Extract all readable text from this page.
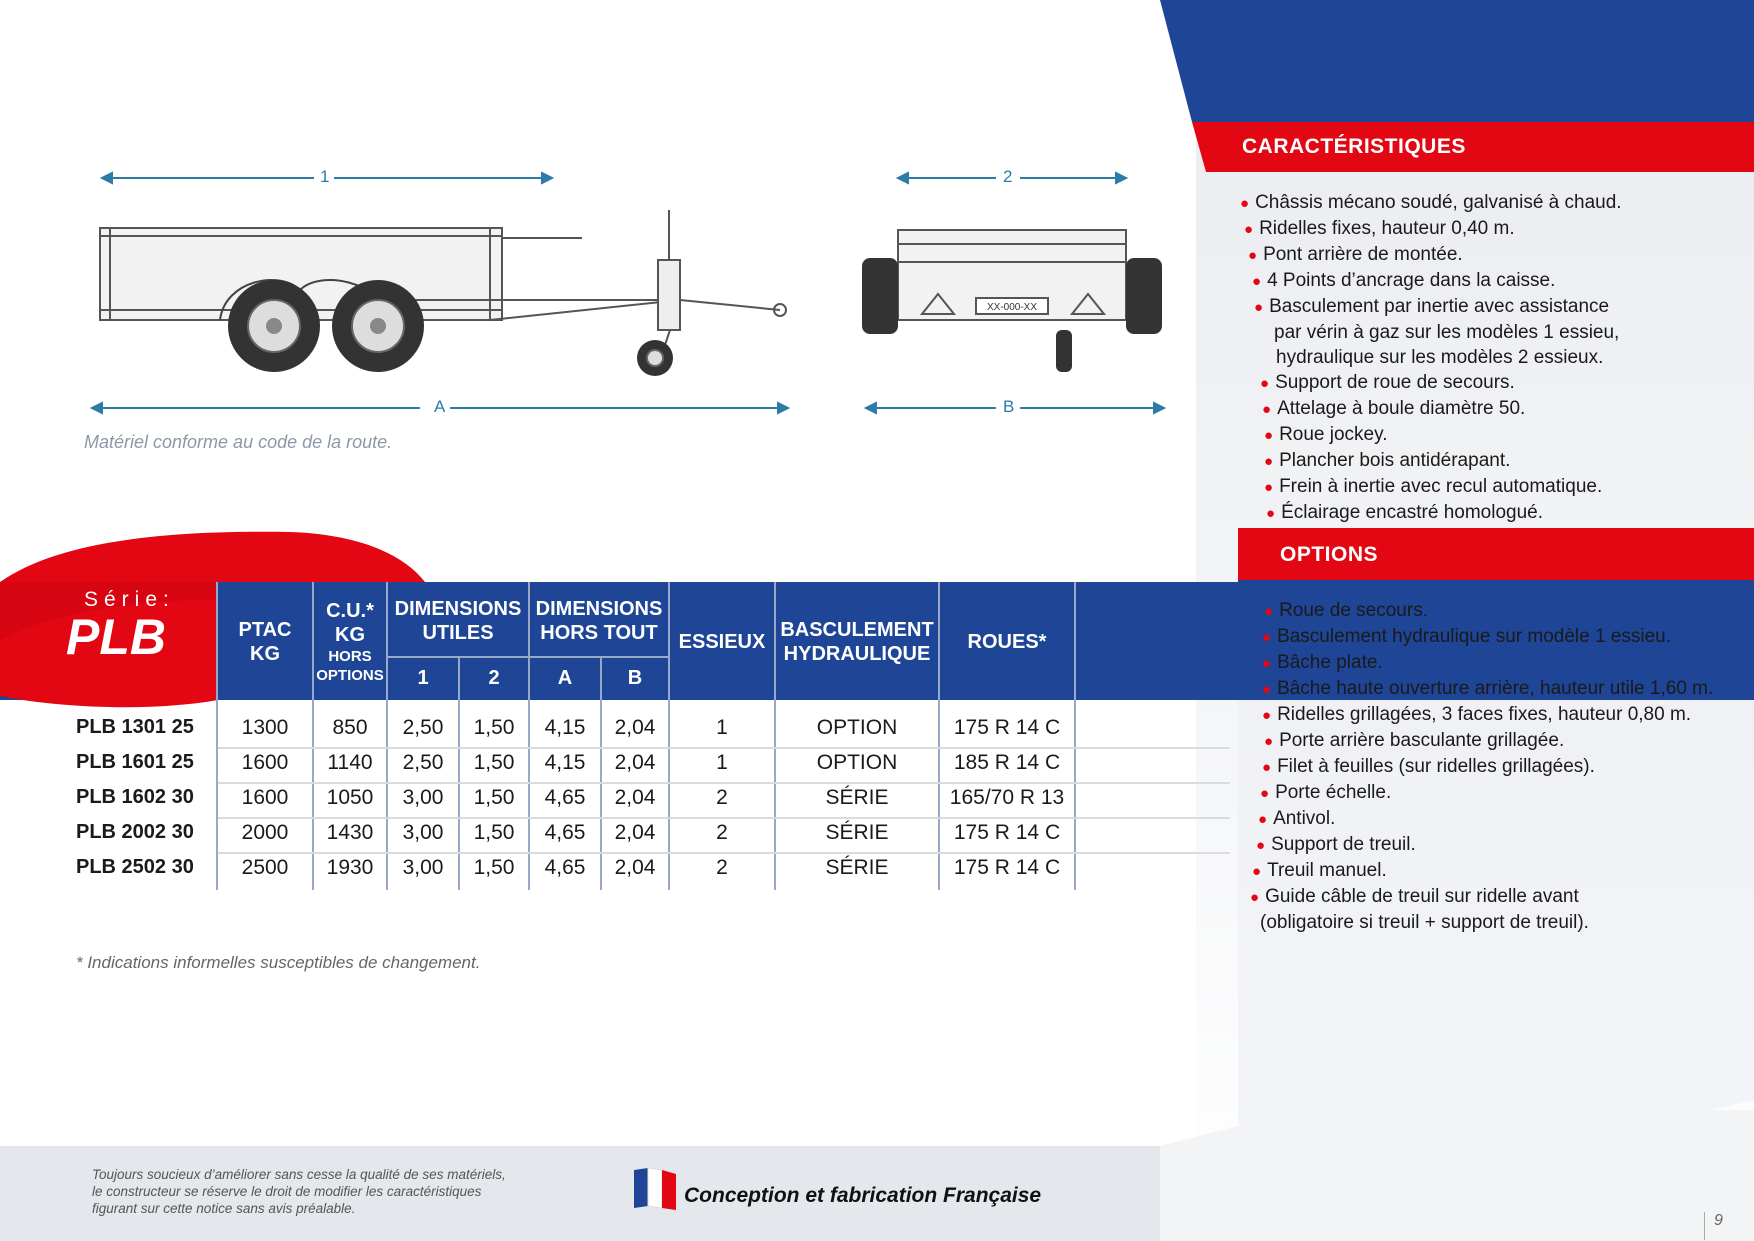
1
A
XX-000-XX
2
B
Matériel conforme au code de la route.
Série:
PLB	PTAC
KG
C.U.*
KG
HORS
OPTIONS
DIMENSIONS
UTILES
1	2
DIMENSIONS
HORS TOUT
A	B
ESSIEUX
BASCULEMENT
HYDRAULIQUE
ROUES*
PLB 1301 25	1300	850	2,50	1,50	4,15	2,04	1	OPTION	175 R 14 C
PLB 1601 25	1600	1140	2,50	1,50	4,15	2,04	1	OPTION	185 R 14 C
PLB 1602 30	1600	1050	3,00	1,50	4,65	2,04	2	SÉRIE	165/70 R 13
PLB 2002 30	2000	1430	3,00	1,50	4,65	2,04	2	SÉRIE	175 R 14 C
PLB 2502 30	2500	1930	3,00	1,50	4,65	2,04	2	SÉRIE	175 R 14 C
* Indications informelles susceptibles de changement.
CARACTÉRISTIQUES
● Châssis mécano soudé, galvanisé à chaud.
● Ridelles fixes, hauteur 0,40 m.
● Pont arrière de montée.
● 4 Points d’ancrage dans la caisse.
● Basculement par inertie avec assistance
par vérin à gaz sur les modèles 1 essieu,
hydraulique sur les modèles 2 essieux.
● Support de roue de secours.
● Attelage à boule diamètre 50.
● Roue jockey.
● Plancher bois antidérapant.
● Frein à inertie avec recul automatique.
● Éclairage encastré homologué.
OPTIONS
● Roue de secours.
● Basculement hydraulique sur modèle 1 essieu.
● Bâche plate.
● Bâche haute ouverture arrière, hauteur utile 1,60 m.
● Ridelles grillagées, 3 faces fixes, hauteur 0,80 m.
● Porte arrière basculante grillagée.
● Filet à feuilles (sur ridelles grillagées).
● Porte échelle.
● Antivol.
● Support de treuil.
● Treuil manuel.
● Guide câble de treuil sur ridelle avant
(obligatoire si treuil + support de treuil).
Toujours soucieux d’améliorer sans cesse la qualité de ses matériels,
le constructeur se réserve le droit de modifier les caractéristiques
figurant sur cette notice sans avis préalable.
Conception et fabrication Française
9
